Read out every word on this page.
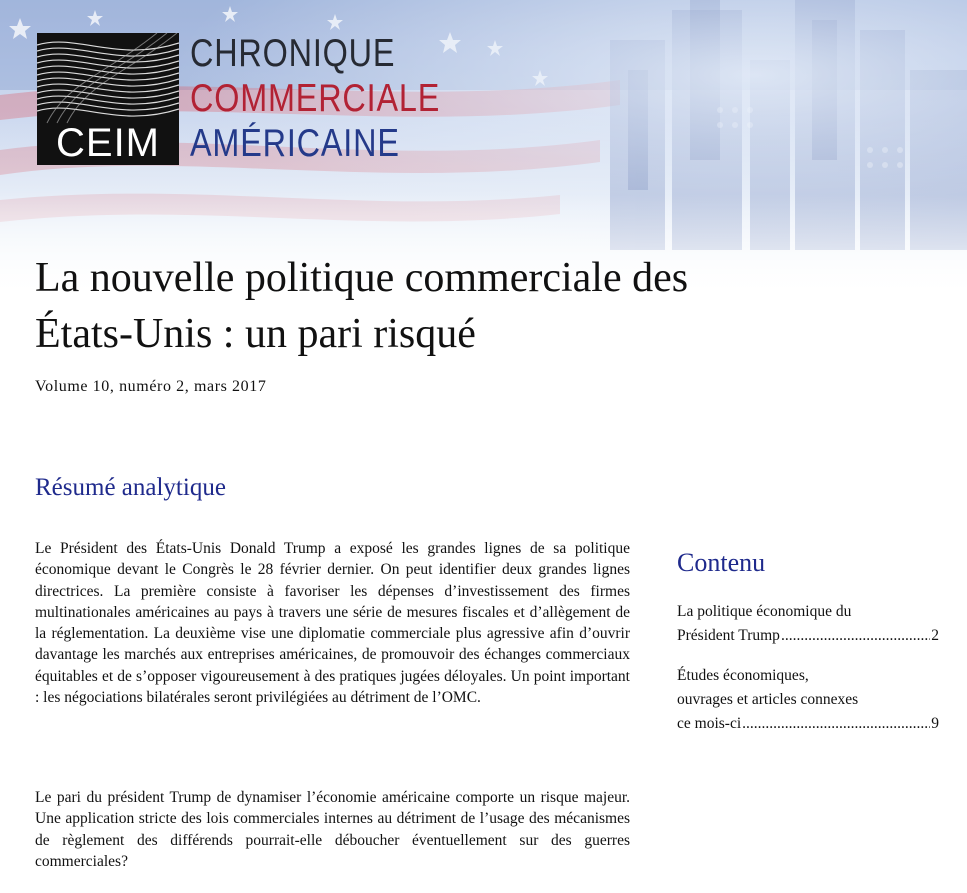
CEIM
CHRONIQUE
COMMERCIALE
AMÉRICAINE
La nouvelle politique commerciale des
États-Unis : un pari risqué
Volume 10, numéro 2, mars 2017
Résumé analytique

Le Président des États-Unis Donald Trump a exposé les grandes lignes de sa politique économique devant le Congrès le 28 février dernier. On peut identifier deux grandes lignes directrices. La première consiste à favoriser les dépenses d’investissement des firmes multinationales américaines au pays à travers une série de mesures fiscales et d’allègement de la réglementation. La deuxième vise une diplomatie commerciale plus agressive afin d’ouvrir davantage les marchés aux entreprises américaines, de promouvoir des échanges commerciaux équitables et de s’opposer vigoureusement à des pratiques jugées déloyales. Un point important : les négociations bilatérales seront privilégiées au détriment de l’OMC.

Le pari du président Trump de dynamiser l’économie américaine comporte un risque majeur. Une application stricte des lois commerciales internes au détriment de l’usage des mécanismes de règlement des différends pourrait-elle déboucher éventuellement sur des guerres commerciales?

Contenu
La politique économique du
Président Trump .....	2
Études économiques,
ouvrages et articles connexes
ce mois-ci .....	9
